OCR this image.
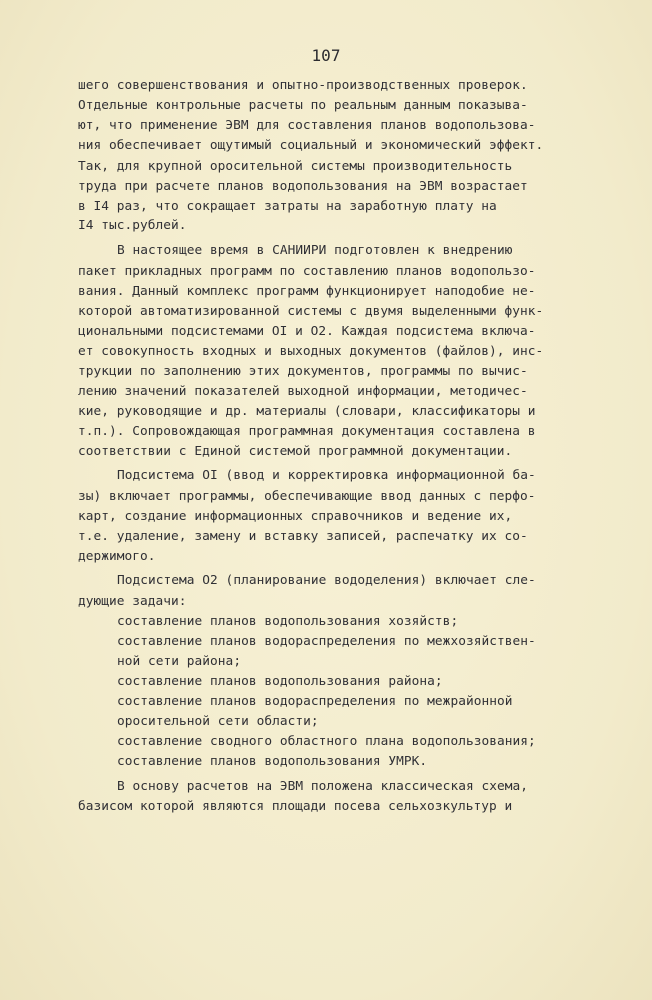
107
шего совершенствования и опытно-производственных проверок.
Отдельные контрольные расчеты по реальным данным показыва-
ют, что применение ЭВМ для составления планов водопользова-
ния обеспечивает ощутимый социальный и экономический эффект.
Так, для крупной оросительной системы производительность
труда при расчете планов водопользования на ЭВМ возрастает
в I4 раз, что сокращает затраты на заработную плату на
I4 тыс.рублей.
В настоящее время в САНИИРИ подготовлен к внедрению
пакет прикладных программ по составлению планов водопользо-
вания. Данный комплекс программ функционирует наподобие не-
которой автоматизированной системы с двумя выделенными функ-
циональными подсистемами OI и O2. Каждая подсистема включа-
ет совокупность входных и выходных документов (файлов), инс-
трукции по заполнению этих документов, программы по вычис-
лению значений показателей выходной информации, методичес-
кие, руководящие и др. материалы (словари, классификаторы и
т.п.). Сопровождающая программная документация составлена в
соответствии с Единой системой программной документации.
Подсистема OI (ввод и корректировка информационной ба-
зы) включает программы, обеспечивающие ввод данных с перфо-
карт, создание информационных справочников и ведение их,
т.е. удаление, замену и вставку записей, распечатку их со-
держимого.
Подсистема O2 (планирование вододеления) включает сле-
дующие задачи:
составление планов водопользования хозяйств;
составление планов водораспределения по межхозяйствен-
ной сети района;
составление планов водопользования района;
составление планов водораспределения по межрайонной
оросительной сети области;
составление сводного областного плана водопользования;
составление планов водопользования УМРК.
В основу расчетов на ЭВМ положена классическая схема,
базисом которой являются площади посева сельхозкультур и
